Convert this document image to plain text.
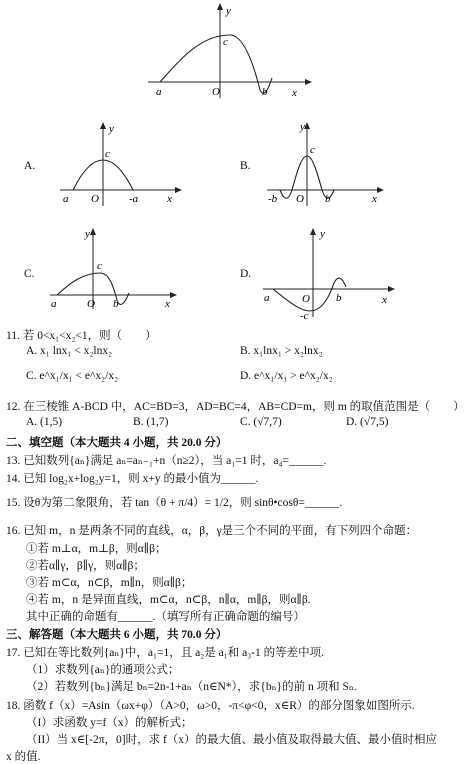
y
x
O
a	b
c
A.
y
x
O
a	-a
c
B.
y
x
O
-b	b
c
C.
y
x
O
a	b
c
D.
y
x
O
a	b
-c
11. 若 0<x₁<x₂<1，则（　　）
A. x₁ lnx₁ < x₂lnx₂	B. x₁lnx₁ > x₂lnx₂
C. e^x₁/x₁ < e^x₂/x₂	D. e^x₁/x₁ > e^x₂/x₂
12. 在三棱锥 A-BCD 中，AC=BD=3，AD=BC=4，AB=CD=m，则 m 的取值范围是（　　）
A. (1,5)	B. (1,7)	C. (√7,7)	D. (√7,5)
二、填空题（本大题共 4 小题，共 20.0 分）
13. 已知数列{aₙ}满足 aₙ=aₙ₋₁+n（n≥2），当 a₁=1 时，a₄=______.
14. 已知 log₂x+log₂y=1，则 x+y 的最小值为______.
15. 设θ为第二象限角，若 tan（θ + π/4）= 1/2，则 sinθ•cosθ=______.
16. 已知 m，n 是两条不同的直线，α，β，γ是三个不同的平面，有下列四个命题：
①若 m⊥α，m⊥β，则α∥β；
②若α∥γ，β∥γ，则α∥β；
③若 m⊂α，n⊂β，m∥n，则α∥β；
④若 m，n 是异面直线，m⊂α，n⊂β，n∥α，m∥β，则α∥β.
其中正确的命题有______.（填写所有正确命题的编号）
三、解答题（本大题共 6 小题，共 70.0 分）
17. 已知在等比数列{aₙ}中，a₁=1，且 a₂是 a₁和 a₃-1 的等差中项.
（1）求数列{aₙ}的通项公式；
（2）若数列{bₙ}满足 bₙ=2n-1+aₙ（n∈N*），求{bₙ}的前 n 项和 Sₙ.
18. 函数 f（x）=Asin（ωx+φ）（A>0，ω>0，-π<φ<0，x∈R）的部分图象如图所示.
（I）求函数 y=f（x）的解析式；
（II）当 x∈[-2π，0]时，求 f（x）的最大值、最小值及取得最大值、最小值时相应
x 的值.
